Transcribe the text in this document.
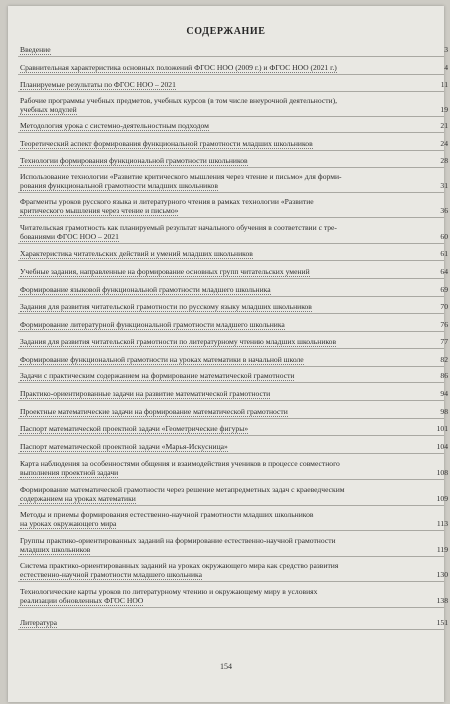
СОДЕРЖАНИЕ
Введение	3
Сравнительная характеристика основных положений ФГОС НОО (2009 г.) и ФГОС НОО (2021 г.)	4
Планируемые результаты по ФГОС НОО – 2021	11
Рабочие программы учебных предметов, учебных курсов (в том числе внеурочной деятельности),
учебных модулей	19
Методология урока с системно-деятельностным подходом	21
Теоретический аспект формирования функциональной грамотности младших школьников	24
Технологии формирования функциональной грамотности школьников	28
Использование технологии «Развитие критического мышления через чтение и письмо» для форми-
рования функциональной грамотности младших школьников	31
Фрагменты уроков русского языка и литературного чтения в рамках технологии «Развитие
критического мышления через чтение и письмо»	36
Читательская грамотность как планируемый результат начального обучения в соответствии с тре-
бованиями ФГОС НОО – 2021	60
Характеристика читательских действий и умений младших школьников	61
Учебные задания, направленные на формирование основных групп читательских умений	64
Формирование языковой функциональной грамотности младшего школьника	69
Задания для развития читательской грамотности по русскому языку младших школьников	70
Формирование литературной функциональной грамотности младшего школьника	76
Задания для развития читательской грамотности по литературному чтению младших школьников	77
Формирование функциональной грамотности на уроках математики в начальной школе	82
Задачи с практическим содержанием на формирование математической грамотности	86
Практико-ориентированные задачи на развитие математической грамотности	94
Проектные математические задачи на формирование математической грамотности	98
Паспорт математической проектной задачи «Геометрические фигуры»	101
Паспорт математической проектной задачи «Марья-Искусница»	104
Карта наблюдения за особенностями общения и взаимодействия учеников в процессе совместного
выполнения проектной задачи	108
Формирование математической грамотности через решение метапредметных задач с краеведческим
содержанием на уроках математики	109
Методы и приемы формирования естественно-научной грамотности младших школьников
на уроках окружающего мира	113
Группы практико-ориентированных заданий на формирование естественно-научной грамотности
младших школьников	119
Система практико-ориентированных заданий на уроках окружающего мира как средство развития
естественно-научной грамотности младшего школьника	130
Технологические карты уроков по литературному чтению и окружающему миру в условиях
реализации обновленных ФГОС НОО	138
Литература	151
154
